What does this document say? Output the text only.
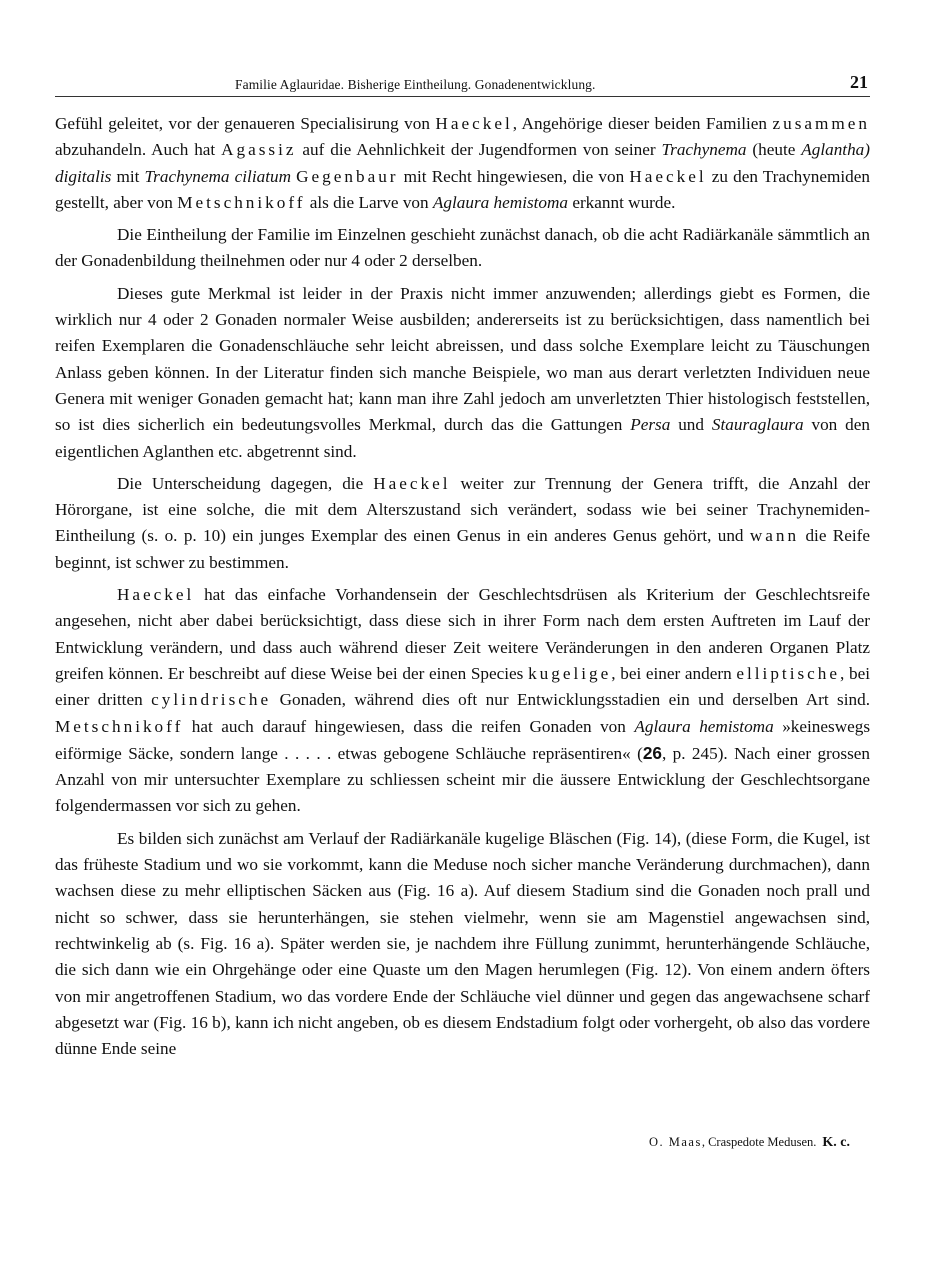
Familie Aglauridae. Bisherige Eintheilung. Gonadenentwicklung.	21

Gefühl geleitet, vor der genaueren Specialisirung von Haeckel, Angehörige dieser beiden Familien zusammen abzuhandeln. Auch hat Agassiz auf die Aehnlichkeit der Jugendformen von seiner Trachynema (heute Aglantha) digitalis mit Trachynema ciliatum Gegenbaur mit Recht hingewiesen, die von Haeckel zu den Trachynemiden gestellt, aber von Metschnikoff als die Larve von Aglaura hemistoma erkannt wurde.

Die Eintheilung der Familie im Einzelnen geschieht zunächst danach, ob die acht Radiärkanäle sämmtlich an der Gonadenbildung theilnehmen oder nur 4 oder 2 derselben.

Dieses gute Merkmal ist leider in der Praxis nicht immer anzuwenden; allerdings giebt es Formen, die wirklich nur 4 oder 2 Gonaden normaler Weise ausbilden; andererseits ist zu berücksichtigen, dass namentlich bei reifen Exemplaren die Gonadenschläuche sehr leicht abreissen, und dass solche Exemplare leicht zu Täuschungen Anlass geben können. In der Literatur finden sich manche Beispiele, wo man aus derart verletzten Individuen neue Genera mit weniger Gonaden gemacht hat; kann man ihre Zahl jedoch am unverletzten Thier histologisch feststellen, so ist dies sicherlich ein bedeutungsvolles Merkmal, durch das die Gattungen Persa und Stauraglaura von den eigentlichen Aglanthen etc. abgetrennt sind.

Die Unterscheidung dagegen, die Haeckel weiter zur Trennung der Genera trifft, die Anzahl der Hörorgane, ist eine solche, die mit dem Alterszustand sich verändert, sodass wie bei seiner Trachynemiden-Eintheilung (s. o. p. 10) ein junges Exemplar des einen Genus in ein anderes Genus gehört, und wann die Reife beginnt, ist schwer zu bestimmen.

Haeckel hat das einfache Vorhandensein der Geschlechtsdrüsen als Kriterium der Geschlechtsreife angesehen, nicht aber dabei berücksichtigt, dass diese sich in ihrer Form nach dem ersten Auftreten im Lauf der Entwicklung verändern, und dass auch während dieser Zeit weitere Veränderungen in den anderen Organen Platz greifen können. Er beschreibt auf diese Weise bei der einen Species kugelige, bei einer andern elliptische, bei einer dritten cylindrische Gonaden, während dies oft nur Entwicklungsstadien ein und derselben Art sind. Metschnikoff hat auch darauf hingewiesen, dass die reifen Gonaden von Aglaura hemistoma »keineswegs eiförmige Säcke, sondern lange . . . . . etwas gebogene Schläuche repräsentiren« (26, p. 245). Nach einer grossen Anzahl von mir untersuchter Exemplare zu schliessen scheint mir die äussere Entwicklung der Geschlechtsorgane folgendermassen vor sich zu gehen.

Es bilden sich zunächst am Verlauf der Radiärkanäle kugelige Bläschen (Fig. 14), (diese Form, die Kugel, ist das früheste Stadium und wo sie vorkommt, kann die Meduse noch sicher manche Veränderung durchmachen), dann wachsen diese zu mehr elliptischen Säcken aus (Fig. 16 a). Auf diesem Stadium sind die Gonaden noch prall und nicht so schwer, dass sie herunterhängen, sie stehen vielmehr, wenn sie am Magenstiel angewachsen sind, rechtwinkelig ab (s. Fig. 16 a). Später werden sie, je nachdem ihre Füllung zunimmt, herunterhängende Schläuche, die sich dann wie ein Ohrgehänge oder eine Quaste um den Magen herumlegen (Fig. 12). Von einem andern öfters von mir angetroffenen Stadium, wo das vordere Ende der Schläuche viel dünner und gegen das angewachsene scharf abgesetzt war (Fig. 16 b), kann ich nicht angeben, ob es diesem Endstadium folgt oder vorhergeht, ob also das vordere dünne Ende seine

O. Maas, Craspedote Medusen. K. c.
